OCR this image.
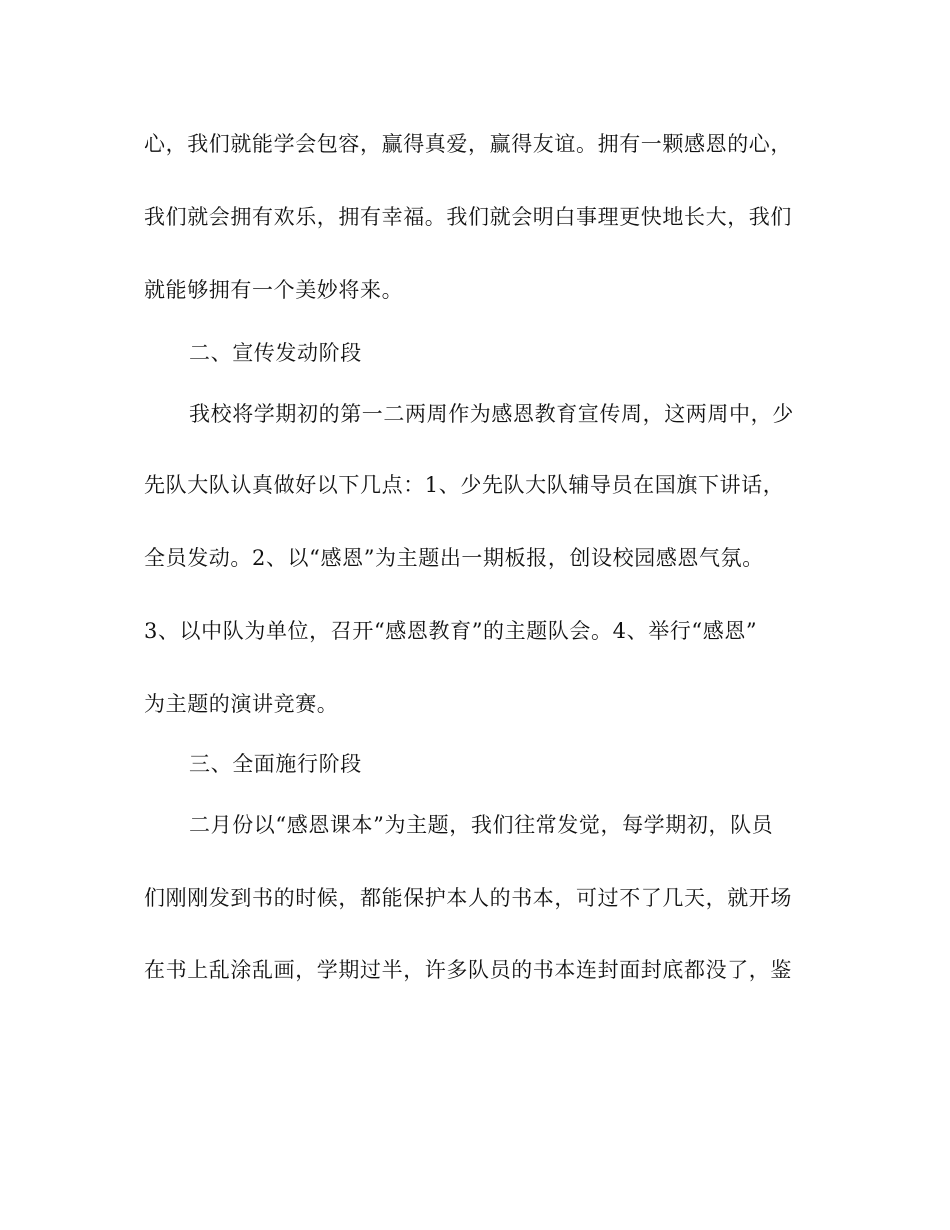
心，我们就能学会包容，赢得真爱，赢得友谊。拥有一颗感恩的心，
我们就会拥有欢乐，拥有幸福。我们就会明白事理更快地长大，我们
就能够拥有一个美妙将来。
二、宣传发动阶段
我校将学期初的第一二两周作为感恩教育宣传周，这两周中，少
先队大队认真做好以下几点：1、少先队大队辅导员在国旗下讲话，
全员发动。2、以“感恩”为主题出一期板报，创设校园感恩气氛。
3、以中队为单位，召开“感恩教育”的主题队会。4、举行“感恩”
为主题的演讲竞赛。
三、全面施行阶段
二月份以“感恩课本”为主题，我们往常发觉，每学期初，队员
们刚刚发到书的时候，都能保护本人的书本，可过不了几天，就开场
在书上乱涂乱画，学期过半，许多队员的书本连封面封底都没了，鉴
